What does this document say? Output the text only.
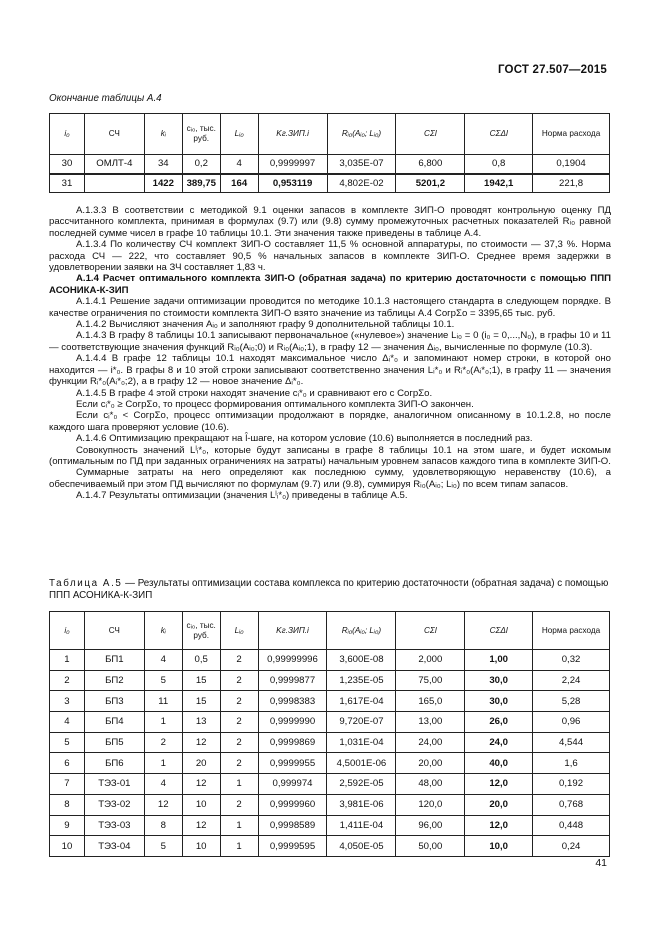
ГОСТ 27.507—2015
Окончание таблицы А.4
i₀	СЧ	kᵢ	cᵢ₀, тыс. руб.	Lᵢ₀	Kг.ЗИП.i	Rᵢ₀(Aᵢ₀; Lᵢ₀)	CΣl	CΣΔl	Норма расхода
30	ОМЛТ-4	34	0,2	4	0,9999997	3,035Е-07	6,800	0,8	0,1904
31		1422	389,75	164	0,953119	4,802Е-02	5201,2	1942,1	221,8

А.1.3.3 В соответствии с методикой 9.1 оценки запасов в комплекте ЗИП-О проводят контрольную оценку ПД рассчитанного комплекта, принимая в формулах (9.7) или (9.8) сумму промежуточных расчетных показателей Rᵢ₀ равной последней сумме чисел в графе 10 таблицы 10.1. Эти значения также приведены в таблице А.4.

А.1.3.4 По количеству СЧ комплект ЗИП-О составляет 11,5 % основной аппаратуры, по стоимости — 37,3 %. Норма расхода СЧ — 222, что составляет 90,5 % начальных запасов в комплекте ЗИП-О. Среднее время задержки в удовлетворении заявки на ЗЧ составляет 1,83 ч.

А.1.4 Расчет оптимального комплекта ЗИП-О (обратная задача) по критерию достаточности с помощью ППП АСОНИКА-К-ЗИП

А.1.4.1 Решение задачи оптимизации проводится по методике 10.1.3 настоящего стандарта в следующем порядке. В качестве ограничения по стоимости комплекта ЗИП-О взято значение из таблицы А.4 CогрΣо = 3395,65 тыс. руб.

А.1.4.2 Вычисляют значения Aᵢ₀ и заполняют графу 9 дополнительной таблицы 10.1.

А.1.4.3 В графу 8 таблицы 10.1 записывают первоначальное («нулевое») значение Lᵢ₀ = 0 (i₀ = 0,...,N₀), в графы 10 и 11 — соответствующие значения функций Rᵢ₀(Aᵢ₀;0) и Rᵢ₀(Aᵢ₀;1), в графу 12 — значения Δᵢ₀, вычисленные по формуле (10.3).

А.1.4.4 В графе 12 таблицы 10.1 находят максимальное число Δᵢ*₀ и запоминают номер строки, в которой оно находится — i*₀. В графы 8 и 10 этой строки записывают соответственно значения Lᵢ*₀ и Rᵢ*₀(Aᵢ*₀;1), в графу 11 — значения функции Rᵢ*₀(Aᵢ*₀;2), а в графу 12 — новое значение Δᵢ*₀.

А.1.4.5 В графе 4 этой строки находят значение cᵢ*₀ и сравнивают его с CогрΣо.

Если cᵢ*₀ ≥ CогрΣо, то процесс формирования оптимального комплекта ЗИП-О закончен.

Если cᵢ*₀ < CогрΣо, процесс оптимизации продолжают в порядке, аналогичном описанному в 10.1.2.8, но после каждого шага проверяют условие (10.6).

А.1.4.6 Оптимизацию прекращают на l̂-шаге, на котором условие (10.6) выполняется в последний раз.

Совокупность значений Lˡᵢ*₀, которые будут записаны в графе 8 таблицы 10.1 на этом шаге, и будет искомым (оптимальным по ПД при заданных ограничениях на затраты) начальным уровнем запасов каждого типа в комплекте ЗИП-О.

Суммарные затраты на него определяют как последнюю сумму, удовлетворяющую неравенству (10.6), а обеспечиваемый при этом ПД вычисляют по формулам (9.7) или (9.8), суммируя Rᵢ₀(Aᵢ₀; Lᵢ₀) по всем типам запасов.

А.1.4.7 Результаты оптимизации (значения Lˡᵢ*₀) приведены в таблице А.5.

Таблица А.5 — Результаты оптимизации состава комплекса по критерию достаточности (обратная задача) с помощью ППП АСОНИКА-К-ЗИП
i₀	СЧ	kᵢ	cᵢ₀, тыс. руб.	Lᵢ₀	Kг.ЗИП.i	Rᵢ₀(Aᵢ₀; Lᵢ₀)	CΣl	CΣΔl	Норма расхода
1	БП1	4	0,5	2	0,99999996	3,600Е-08	2,000	1,00	0,32
2	БП2	5	15	2	0,9999877	1,235Е-05	75,00	30,0	2,24
3	БП3	11	15	2	0,9998383	1,617Е-04	165,0	30,0	5,28
4	БП4	1	13	2	0,9999990	9,720Е-07	13,00	26,0	0,96
5	БП5	2	12	2	0,9999869	1,031Е-04	24,00	24,0	4,544
6	БП6	1	20	2	0,9999955	4,5001Е-06	20,00	40,0	1,6
7	ТЭЗ-01	4	12	1	0,999974	2,592Е-05	48,00	12,0	0,192
8	ТЭЗ-02	12	10	2	0,9999960	3,981Е-06	120,0	20,0	0,768
9	ТЭЗ-03	8	12	1	0,9998589	1,411Е-04	96,00	12,0	0,448
10	ТЭЗ-04	5	10	1	0,9999595	4,050Е-05	50,00	10,0	0,24
41
